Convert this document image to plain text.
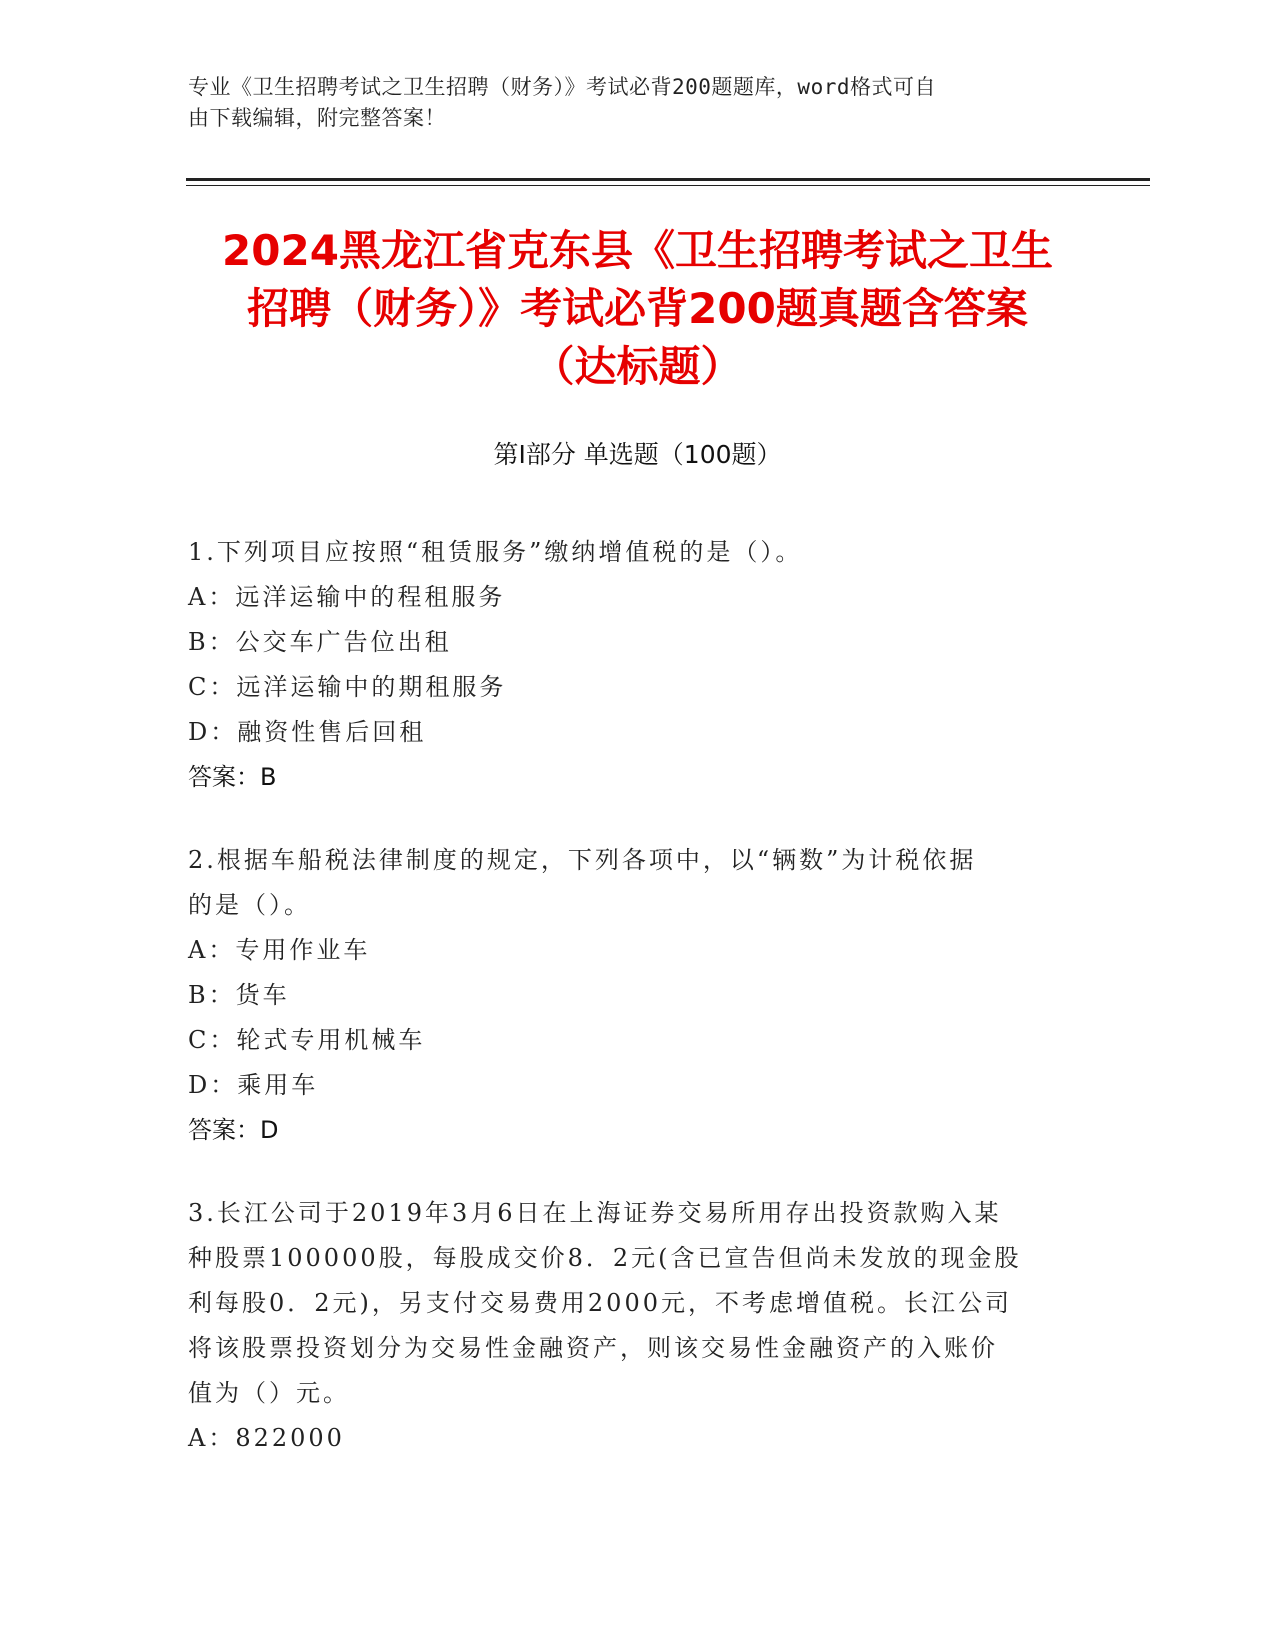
专业《卫生招聘考试之卫生招聘（财务）》考试必背200题题库，word格式可自
由下载编辑，附完整答案！
2024黑龙江省克东县《卫生招聘考试之卫生
招聘（财务）》考试必背200题真题含答案
（达标题）
第I部分 单选题（100题）
1.下列项目应按照“租赁服务”缴纳增值税的是（）。
A：远洋运输中的程租服务
B：公交车广告位出租
C：远洋运输中的期租服务
D：融资性售后回租
答案：B
2.根据车船税法律制度的规定，下列各项中，以“辆数”为计税依据
的是（）。
A：专用作业车
B：货车
C：轮式专用机械车
D：乘用车
答案：D
3.长江公司于2019年3月6日在上海证券交易所用存出投资款购入某
种股票100000股，每股成交价8．2元(含已宣告但尚未发放的现金股
利每股0．2元)，另支付交易费用2000元，不考虑增值税。长江公司
将该股票投资划分为交易性金融资产，则该交易性金融资产的入账价
值为（）元。
A：822000
